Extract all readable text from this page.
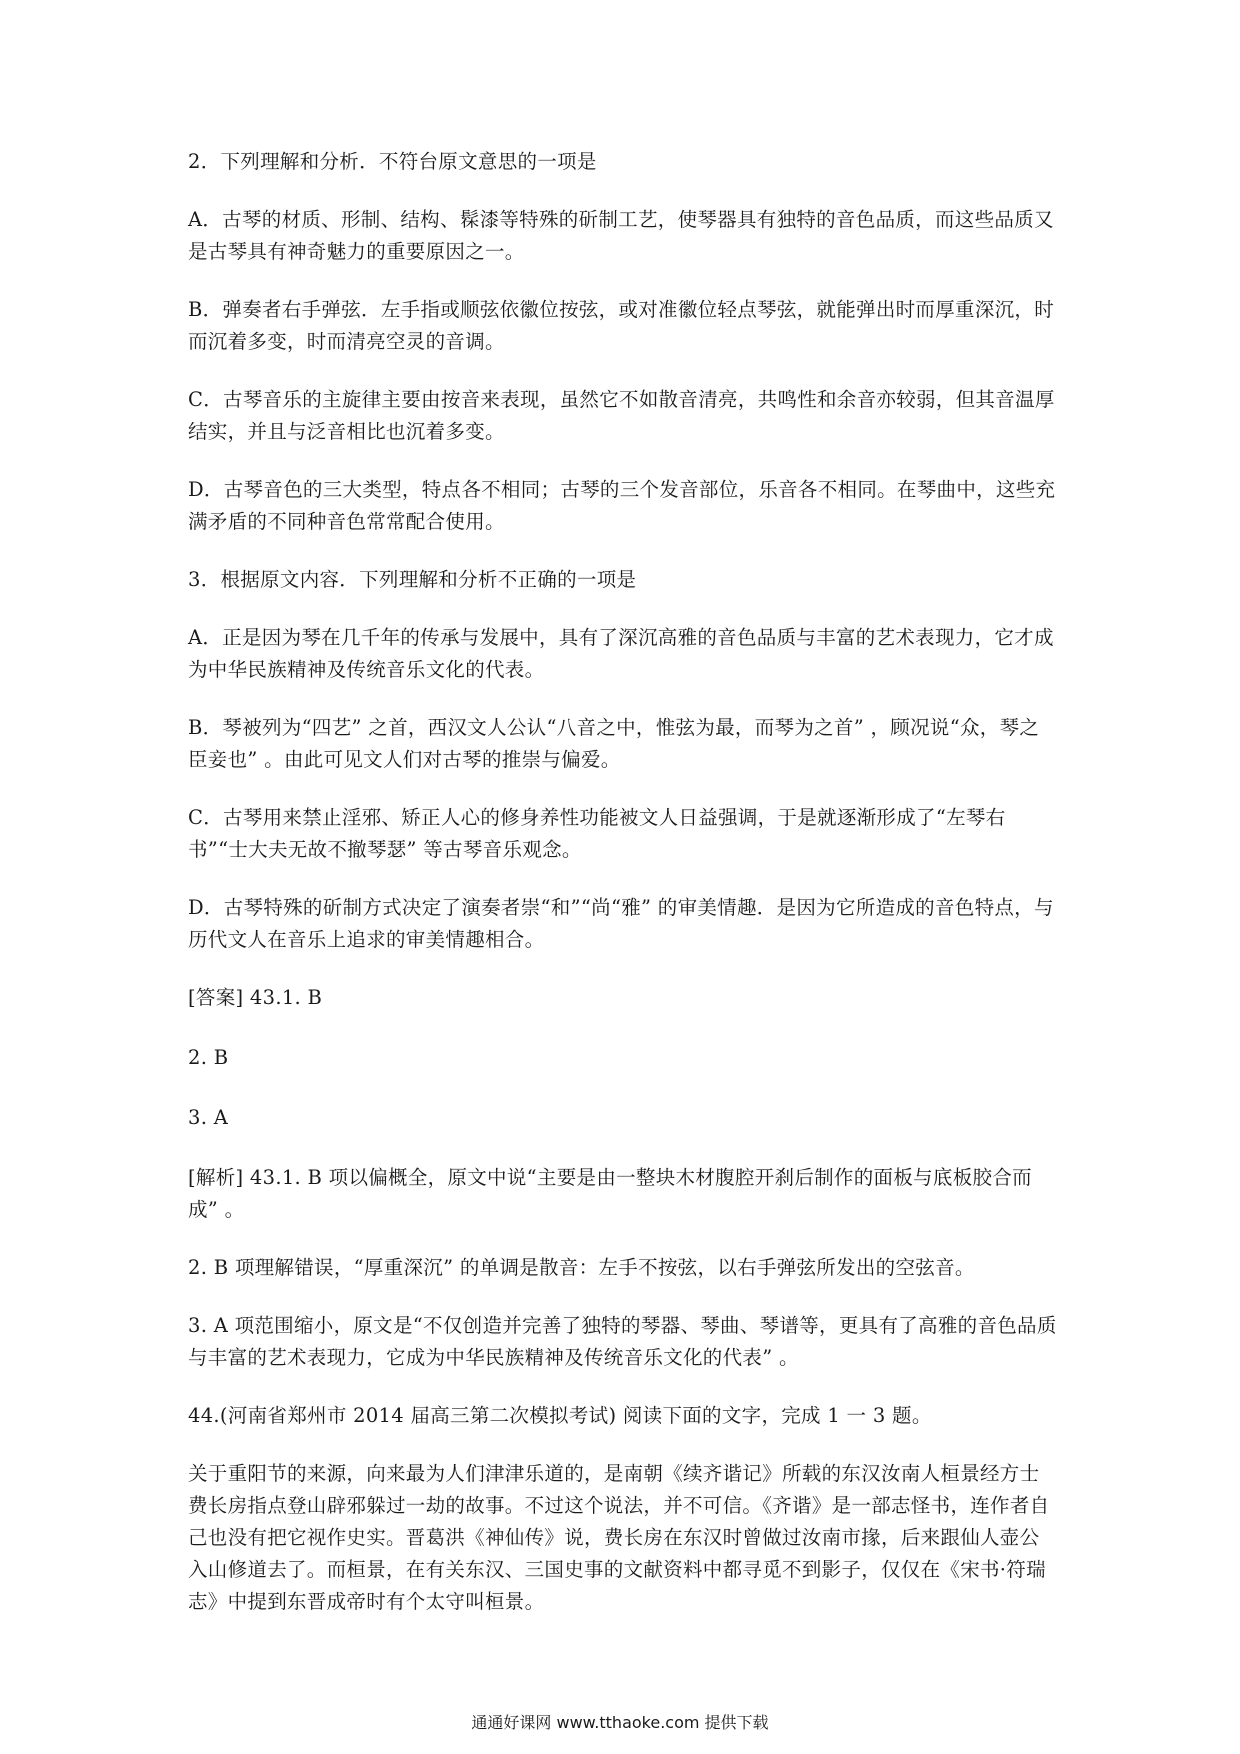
2．下列理解和分析．不符台原文意思的一项是

A．古琴的材质、形制、结构、髹漆等特殊的斫制工艺，使琴器具有独特的音色品质，而这些品质又是古琴具有神奇魅力的重要原因之一。

B．弹奏者右手弹弦．左手指或顺弦依徽位按弦，或对准徽位轻点琴弦，就能弹出时而厚重深沉，时而沉着多变，时而清亮空灵的音调。

C．古琴音乐的主旋律主要由按音来表现，虽然它不如散音清亮，共鸣性和余音亦较弱，但其音温厚结实，并且与泛音相比也沉着多变。

D．古琴音色的三大类型，特点各不相同；古琴的三个发音部位，乐音各不相同。在琴曲中，这些充满矛盾的不同种音色常常配合使用。

3．根据原文内容．下列理解和分析不正确的一项是

A．正是因为琴在几千年的传承与发展中，具有了深沉高雅的音色品质与丰富的艺术表现力，它才成为中华民族精神及传统音乐文化的代表。

B．琴被列为“四艺” 之首，西汉文人公认“八音之中，惟弦为最，而琴为之首” ，顾况说“众，琴之臣妾也” 。由此可见文人们对古琴的推崇与偏爱。

C．古琴用来禁止淫邪、矫正人心的修身养性功能被文人日益强调，于是就逐渐形成了“左琴右书”“士大夫无故不撤琴瑟” 等古琴音乐观念。

D．古琴特殊的斫制方式决定了演奏者崇“和”“尚“雅” 的审美情趣．是因为它所造成的音色特点，与历代文人在音乐上追求的审美情趣相合。

[答案] 43.1. B

2. B

3. A

[解析] 43.1. B 项以偏概全，原文中说“主要是由一整块木材腹腔开刹后制作的面板与底板胶合而成” 。

2. B 项理解错误，“厚重深沉” 的单调是散音：左手不按弦，以右手弹弦所发出的空弦音。

3. A 项范围缩小，原文是“不仅创造并完善了独特的琴器、琴曲、琴谱等，更具有了高雅的音色品质与丰富的艺术表现力，它成为中华民族精神及传统音乐文化的代表” 。

44.(河南省郑州市 2014 届高三第二次模拟考试) 阅读下面的文字，完成 1 一 3 题。

关于重阳节的来源，向来最为人们津津乐道的，是南朝《续齐谐记》所载的东汉汝南人桓景经方士费长房指点登山辟邪躲过一劫的故事。不过这个说法，并不可信。《齐谐》是一部志怪书，连作者自己也没有把它视作史实。晋葛洪《神仙传》说，费长房在东汉时曾做过汝南市掾，后来跟仙人壶公入山修道去了。而桓景，在有关东汉、三国史事的文献资料中都寻觅不到影子，仅仅在《宋书·符瑞志》中提到东晋成帝时有个太守叫桓景。

通通好课网 www.tthaoke.com 提供下载
